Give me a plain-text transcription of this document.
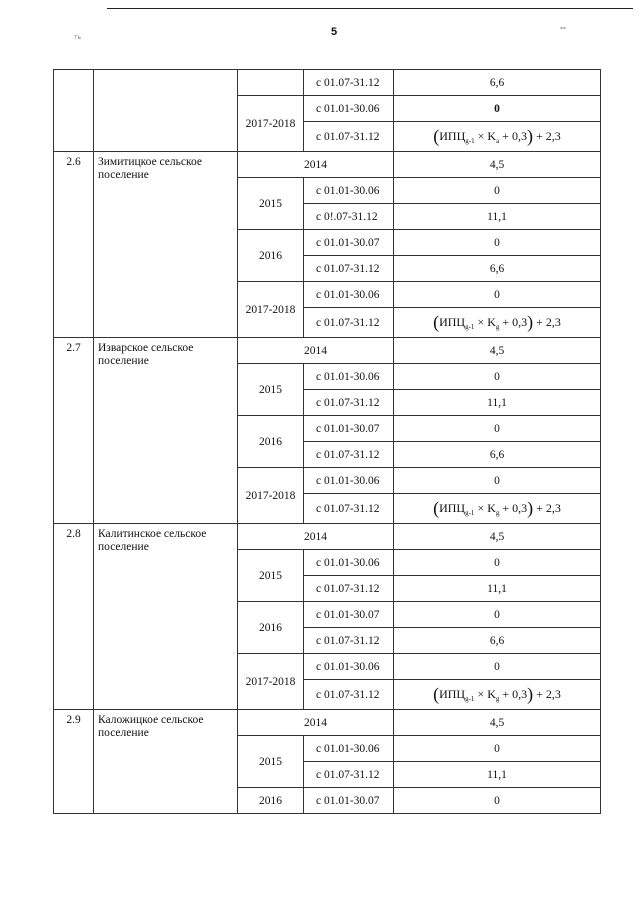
ть	5	**
			с 01.07-31.12	6,6
		2017-2018	с 01.01-30.06	0
			с 01.07-31.12	$(ИПЦ_{g-1} \times K_a + 0,3) + 2,3$
2.6	Зимитицкое сельское поселение	2014		4,5
		2015	с 01.01-30.06	0
			с 0!.07-31.12	11,1
		2016	с 01.01-30.07	0
			с 01.07-31.12	6,6
		2017-2018	с 01.01-30.06	0
			с 01.07-31.12	$(ИПЦ_{g-1} \times K_g + 0,3) + 2,3$
2.7	Изварское сельское поселение	2014		4,5
		2015	с 01.01-30.06	0
			с 01.07-31.12	11,1
		2016	с 01.01-30.07	0
			с 01.07-31.12	6,6
		2017-2018	с 01.01-30.06	0
			с 01.07-31.12	$(ИПЦ_{g-1} \times K_g + 0,3) + 2,3$
2.8	Калитинское сельское поселение	2014		4,5
		2015	с 01.01-30.06	0
			с 01.07-31.12	11,1
		2016	с 01.01-30.07	0
			с 01.07-31.12	6,6
		2017-2018	с 01.01-30.06	0
			с 01.07-31.12	$(ИПЦ_{g-1} \times K_g + 0,3) + 2,3$
2.9	Каложицкое сельское поселение	2014		4,5
		2015	с 01.01-30.06	0
			с 01.07-31.12	11,1
		2016	с 01.01-30.07	0
